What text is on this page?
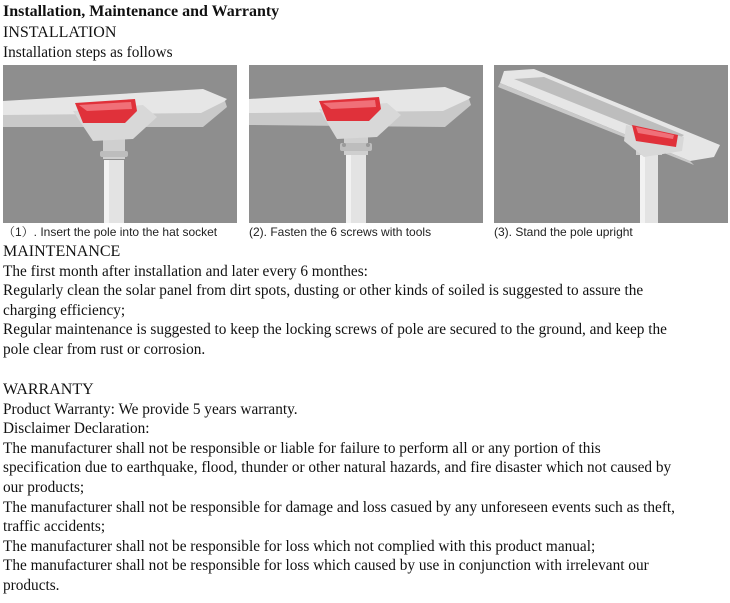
Installation, Maintenance and Warranty

INSTALLATION

Installation steps as follows

（1）. Insert the pole into the hat socket	(2). Fasten the 6 screws with tools	(3). Stand the pole upright

MAINTENANCE

The first month after installation and later every 6 monthes:

Regularly clean the solar panel from dirt spots, dusting or other kinds of soiled is suggested to assure the

charging efficiency;

Regular maintenance is suggested to keep the locking screws of pole are secured to the ground, and keep the

pole clear from rust or corrosion.

WARRANTY

Product Warranty: We provide 5 years warranty.

Disclaimer Declaration:

The manufacturer shall not be responsible or liable for failure to perform all or any portion of this

specification due to earthquake, flood, thunder or other natural hazards, and fire disaster which not caused by

our products;

The manufacturer shall not be responsible for damage and loss casued by any unforeseen events such as theft,

traffic accidents;

The manufacturer shall not be responsible for loss which not complied with this product manual;

The manufacturer shall not be responsible for loss which caused by use in conjunction with irrelevant our

products.
